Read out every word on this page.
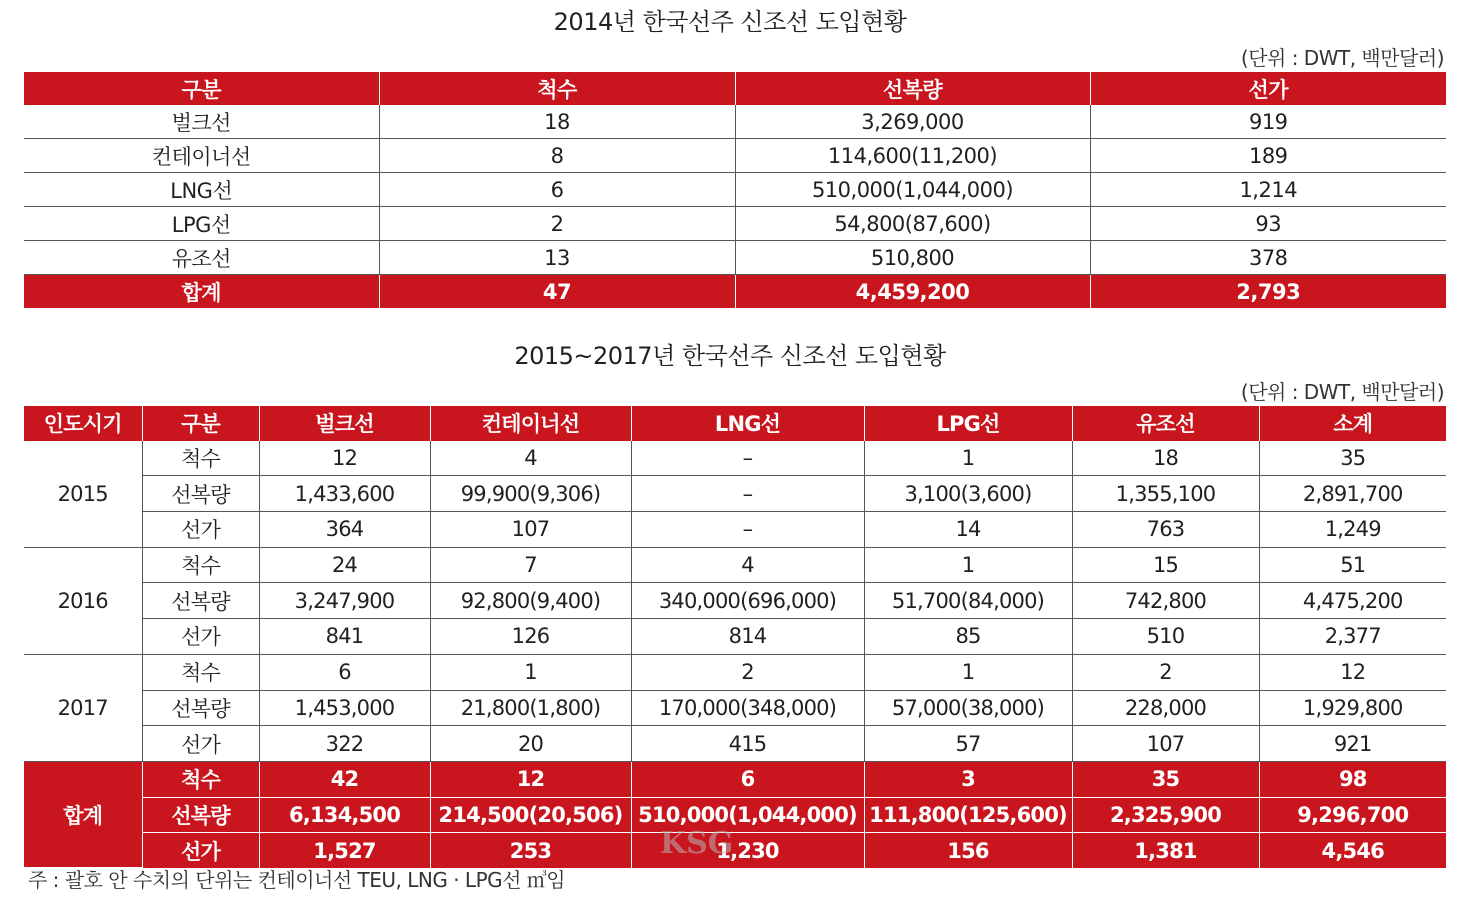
2014년 한국선주 신조선 도입현황
(단위 : DWT, 백만달러)
구분	척수	선복량	선가
벌크선	18	3,269,000	919
컨테이너선	8	114,600(11,200)	189
LNG선	6	510,000(1,044,000)	1,214
LPG선	2	54,800(87,600)	93
유조선	13	510,800	378
합계	47	4,459,200	2,793
2015~2017년 한국선주 신조선 도입현황
(단위 : DWT, 백만달러)
인도시기	구분	벌크선	컨테이너선	LNG선	LPG선	유조선	소계
2015	척수	12	4	–	1	18	35
	선복량	1,433,600	99,900(9,306)	–	3,100(3,600)	1,355,100	2,891,700
	선가	364	107	–	14	763	1,249
2016	척수	24	7	4	1	15	51
	선복량	3,247,900	92,800(9,400)	340,000(696,000)	51,700(84,000)	742,800	4,475,200
	선가	841	126	814	85	510	2,377
2017	척수	6	1	2	1	2	12
	선복량	1,453,000	21,800(1,800)	170,000(348,000)	57,000(38,000)	228,000	1,929,800
	선가	322	20	415	57	107	921
합계	척수	42	12	6	3	35	98
	선복량	6,134,500	214,500(20,506)	510,000(1,044,000)	111,800(125,600)	2,325,900	9,296,700
	선가	1,527	253	1,230	156	1,381	4,546
KSG
주 : 괄호 안 수치의 단위는 컨테이너선 TEU, LNG · LPG선 ㎥임
